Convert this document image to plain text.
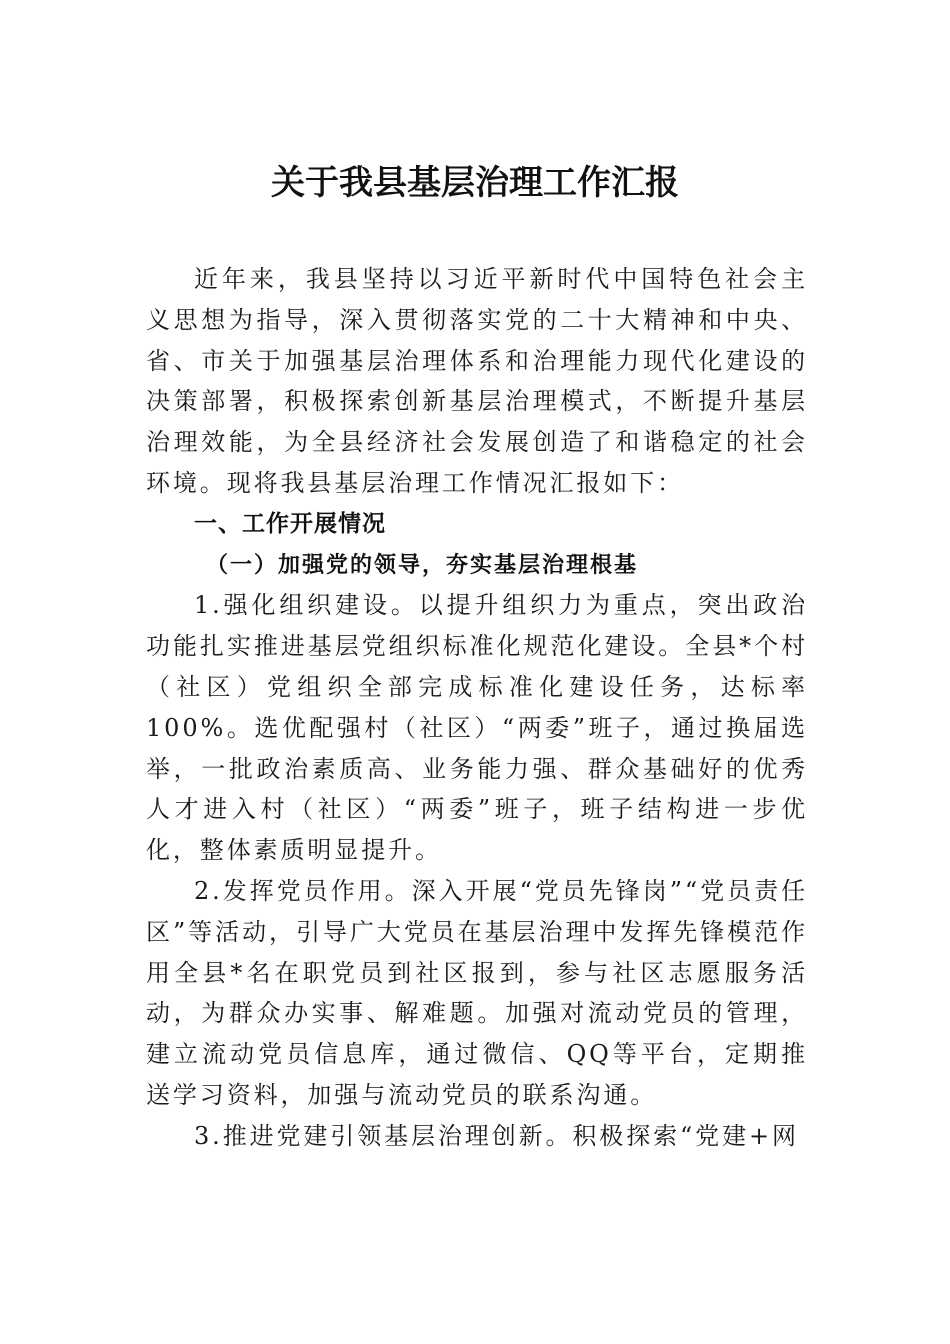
关于我县基层治理工作汇报

近年来，我县坚持以习近平新时代中国特色社会主义思想为指导，深入贯彻落实党的二十大精神和中央、省、市关于加强基层治理体系和治理能力现代化建设的决策部署，积极探索创新基层治理模式，不断提升基层治理效能，为全县经济社会发展创造了和谐稳定的社会环境。现将我县基层治理工作情况汇报如下：

一、工作开展情况

（一）加强党的领导，夯实基层治理根基

1.强化组织建设。以提升组织力为重点，突出政治功能扎实推进基层党组织标准化规范化建设。全县*个村（社区）党组织全部完成标准化建设任务，达标率100%。选优配强村（社区）“两委”班子，通过换届选举，一批政治素质高、业务能力强、群众基础好的优秀人才进入村（社区）“两委”班子，班子结构进一步优化，整体素质明显提升。

2.发挥党员作用。深入开展“党员先锋岗”“党员责任区”等活动，引导广大党员在基层治理中发挥先锋模范作用全县*名在职党员到社区报到，参与社区志愿服务活动，为群众办实事、解难题。加强对流动党员的管理，建立流动党员信息库，通过微信、QQ等平台，定期推送学习资料，加强与流动党员的联系沟通。

3.推进党建引领基层治理创新。积极探索“党建+网
